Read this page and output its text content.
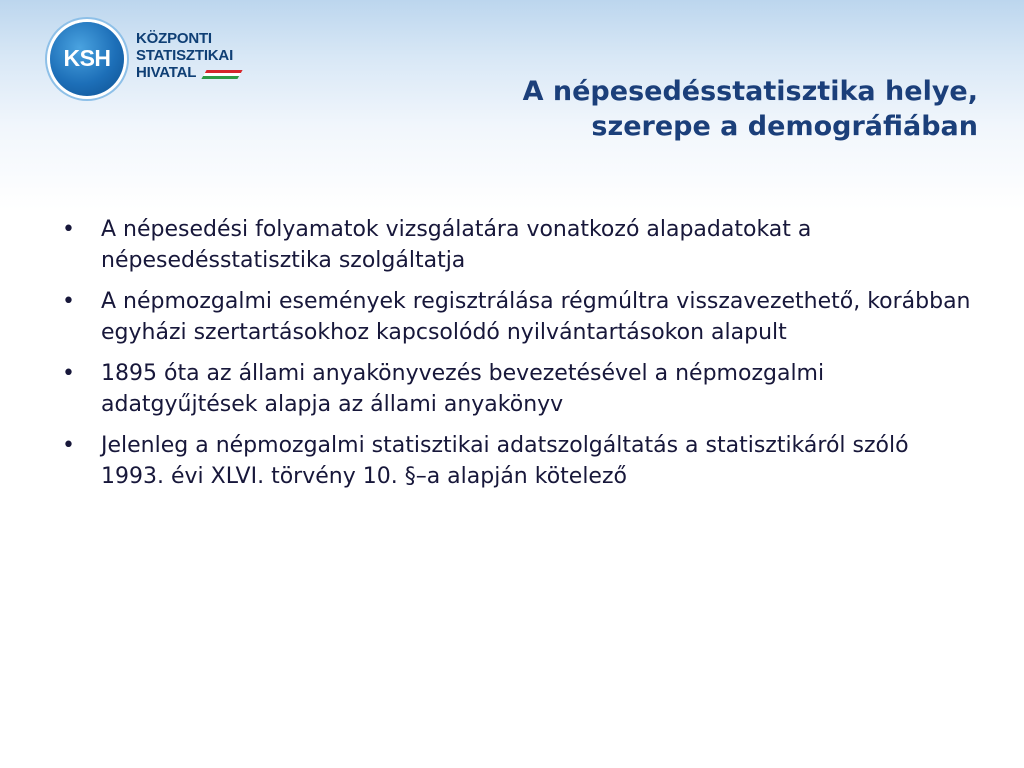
KSH
KÖZPONTI
STATISZTIKAI
HIVATAL
A népesedésstatisztika helye,
szerepe a demográfiában
•	A népesedési folyamatok vizsgálatára vonatkozó alapadatokat a népesedésstatisztika szolgáltatja
•	A népmozgalmi események regisztrálása régmúltra visszavezethető, korábban egyházi szertartásokhoz kapcsolódó nyilvántartásokon alapult
•	1895 óta az állami anyakönyvezés bevezetésével a népmozgalmi adatgyűjtések alapja az állami anyakönyv
•	Jelenleg a népmozgalmi statisztikai adatszolgáltatás a statisztikáról szóló 1993. évi XLVI. törvény 10. §–a alapján kötelező
